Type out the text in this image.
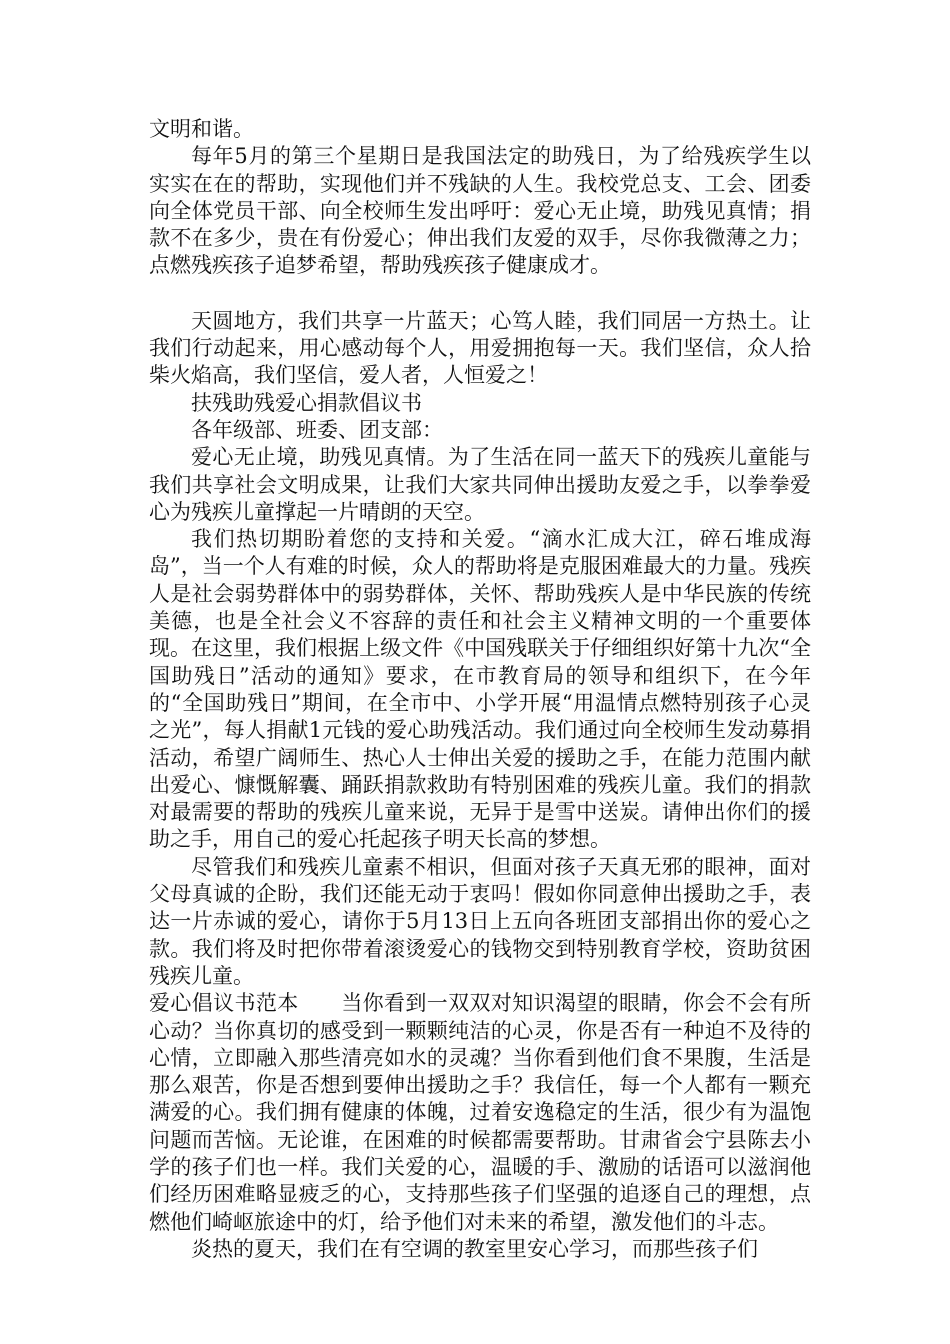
文明和谐。

每年5月的第三个星期日是我国法定的助残日，为了给残疾学生以实实在在的帮助，实现他们并不残缺的人生。我校党总支、工会、团委向全体党员干部、向全校师生发出呼吁：爱心无止境，助残见真情；捐款不在多少，贵在有份爱心；伸出我们友爱的双手，尽你我微薄之力；点燃残疾孩子追梦希望，帮助残疾孩子健康成才。

天圆地方，我们共享一片蓝天；心笃人睦，我们同居一方热土。让我们行动起来，用心感动每个人，用爱拥抱每一天。我们坚信，众人拾柴火焰高，我们坚信，爱人者，人恒爱之！

扶残助残爱心捐款倡议书

各年级部、班委、团支部：

爱心无止境，助残见真情。为了生活在同一蓝天下的残疾儿童能与我们共享社会文明成果，让我们大家共同伸出援助友爱之手，以拳拳爱心为残疾儿童撑起一片晴朗的天空。

我们热切期盼着您的支持和关爱。“滴水汇成大江，碎石堆成海岛”，当一个人有难的时候，众人的帮助将是克服困难最大的力量。残疾人是社会弱势群体中的弱势群体，关怀、帮助残疾人是中华民族的传统美德，也是全社会义不容辞的责任和社会主义精神文明的一个重要体现。在这里，我们根据上级文件《中国残联关于仔细组织好第十九次“全国助残日”活动的通知》要求，在市教育局的领导和组织下，在今年的“全国助残日”期间，在全市中、小学开展“用温情点燃特别孩子心灵之光”，每人捐献1元钱的爱心助残活动。我们通过向全校师生发动募捐活动，希望广阔师生、热心人士伸出关爱的援助之手，在能力范围内献出爱心、慷慨解囊、踊跃捐款救助有特别困难的残疾儿童。我们的捐款对最需要的帮助的残疾儿童来说，无异于是雪中送炭。请伸出你们的援助之手，用自己的爱心托起孩子明天长高的梦想。

尽管我们和残疾儿童素不相识，但面对孩子天真无邪的眼神，面对父母真诚的企盼，我们还能无动于衷吗！假如你同意伸出援助之手，表达一片赤诚的爱心，请你于5月13日上五向各班团支部捐出你的爱心之款。我们将及时把你带着滚烫爱心的钱物交到特别教育学校，资助贫困残疾儿童。

爱心倡议书范本　　当你看到一双双对知识渴望的眼睛，你会不会有所心动？当你真切的感受到一颗颗纯洁的心灵，你是否有一种迫不及待的心情，立即融入那些清亮如水的灵魂？当你看到他们食不果腹，生活是那么艰苦，你是否想到要伸出援助之手？我信任，每一个人都有一颗充满爱的心。我们拥有健康的体魄，过着安逸稳定的生活，很少有为温饱问题而苦恼。无论谁，在困难的时候都需要帮助。甘肃省会宁县陈去小学的孩子们也一样。我们关爱的心，温暖的手、激励的话语可以滋润他们经历困难略显疲乏的心，支持那些孩子们坚强的追逐自己的理想，点燃他们崎岖旅途中的灯，给予他们对未来的希望，激发他们的斗志。

炎热的夏天，我们在有空调的教室里安心学习，而那些孩子们
